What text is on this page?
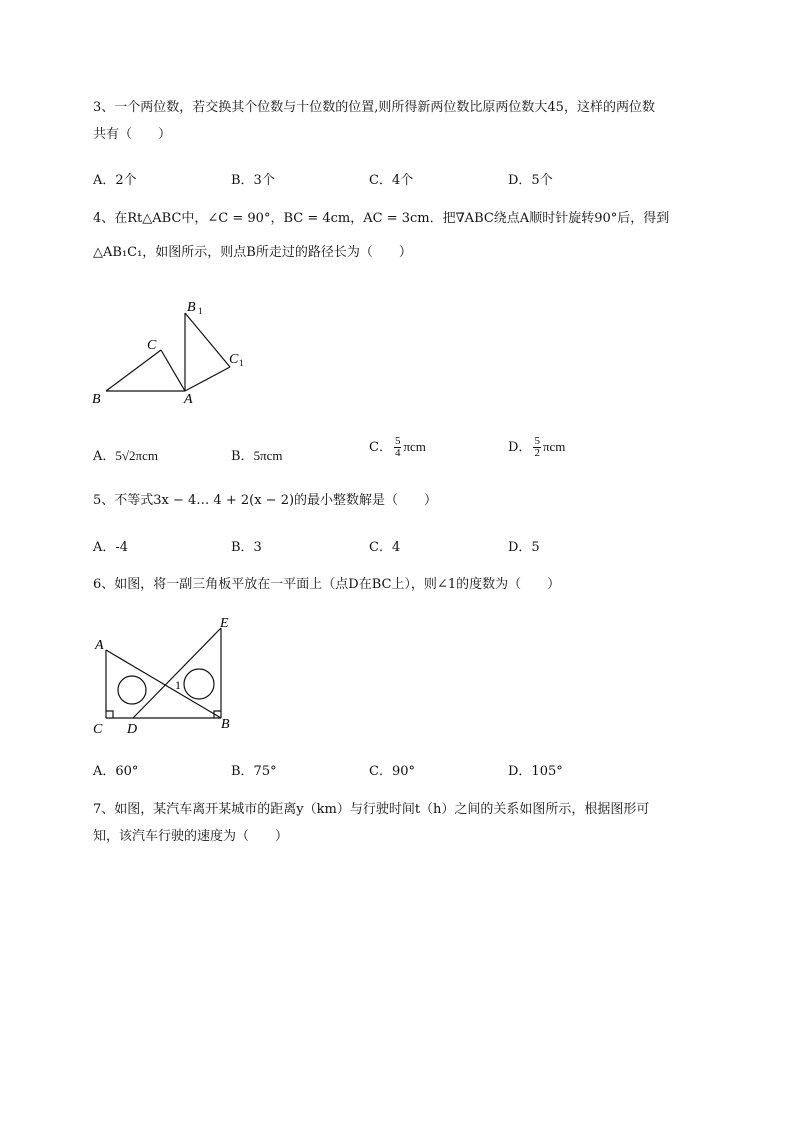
3、一个两位数，若交换其个位数与十位数的位置,则所得新两位数比原两位数大45，这样的两位数
共有（　　）
A．2个	B．3个	C．4个	D．5个
4、在Rt△ABC中，∠C = 90°，BC = 4cm，AC = 3cm．把∇ABC绕点A顺时针旋转90°后，得到
△AB₁C₁，如图所示，则点B所走过的路径长为（　　）
B 1
C
C 1
B	A
A．5√2πcm	B．5πcm
C． $\frac{5}{4}$ πcm	D． $\frac{5}{2}$ πcm
5、不等式3x − 4… 4 + 2(x − 2)的最小整数解是（　　）
A．-4	B．3	C．4	D．5
6、如图，将一副三角板平放在一平面上（点D在BC上），则∠1的度数为（　　）
A
E
C D	B
1
A．60°	B．75°	C．90°	D．105°
7、如图，某汽车离开某城市的距离y（km）与行驶时间t（h）之间的关系如图所示，根据图形可
知，该汽车行驶的速度为（　　）
